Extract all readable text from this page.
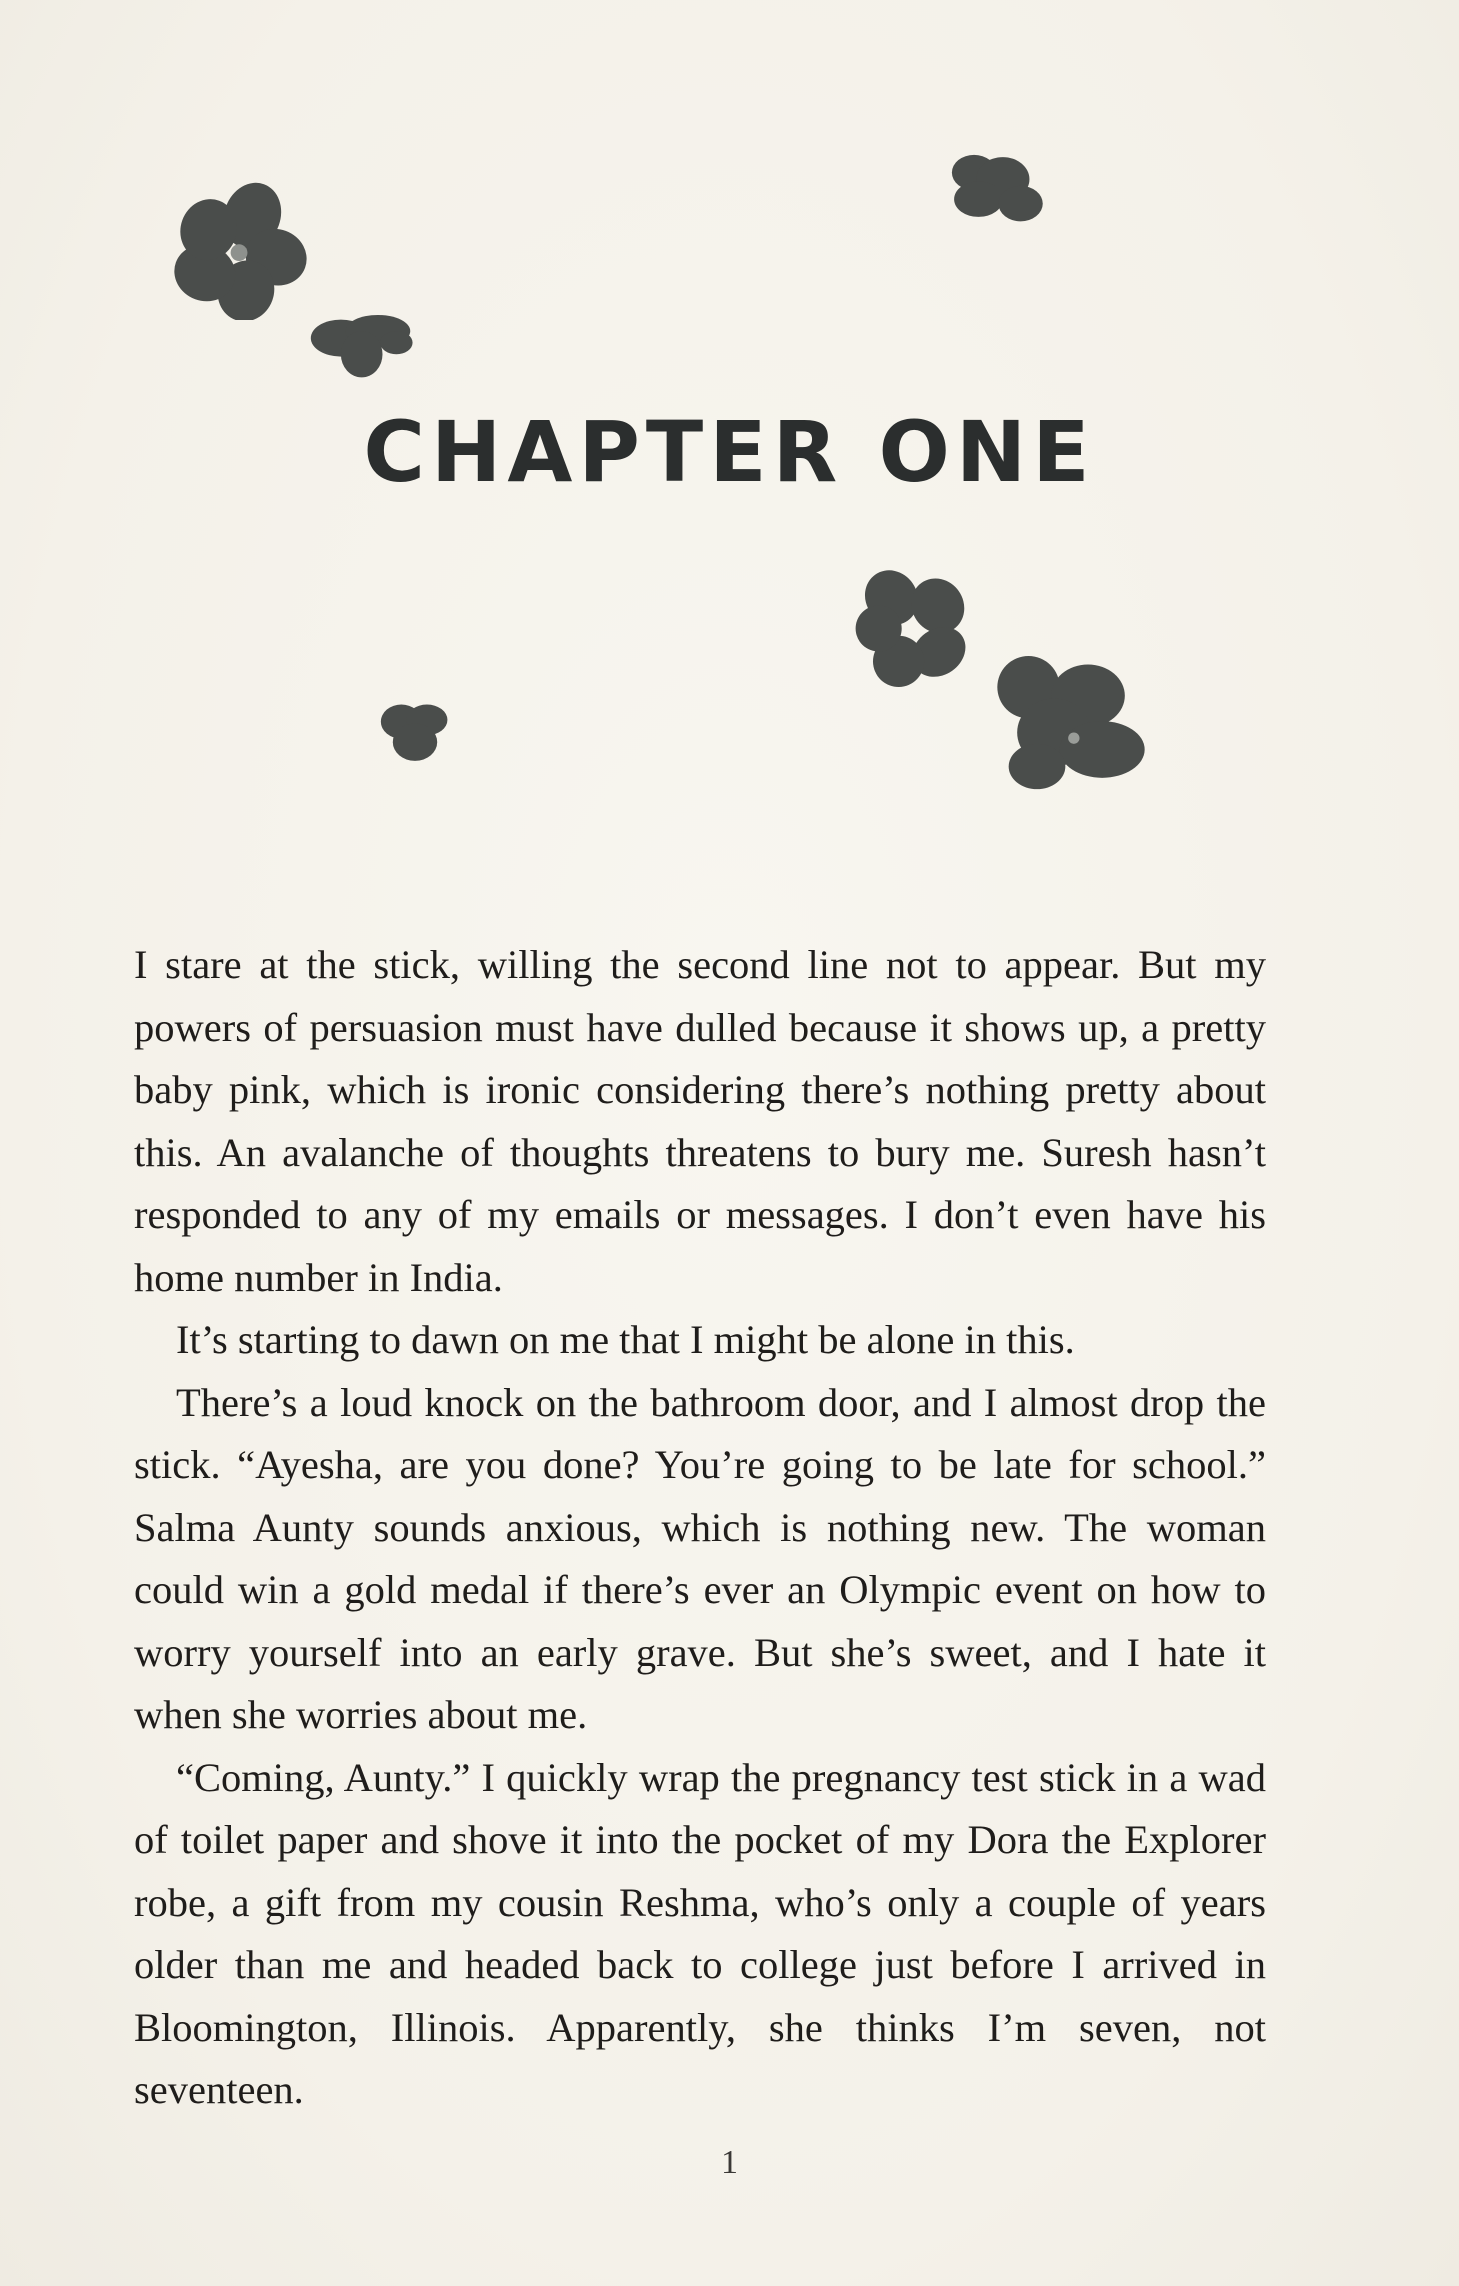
CHAPTER ONE

I stare at the stick, willing the second line not to appear. But my powers of persuasion must have dulled because it shows up, a pretty baby pink, which is ironic considering there’s nothing pretty about this. An avalanche of thoughts threatens to bury me. Suresh hasn’t responded to any of my emails or messages. I don’t even have his home number in India.

It’s starting to dawn on me that I might be alone in this.

There’s a loud knock on the bathroom door, and I almost drop the stick. “Ayesha, are you done? You’re going to be late for school.” Salma Aunty sounds anxious, which is nothing new. The woman could win a gold medal if there’s ever an Olympic event on how to worry yourself into an early grave. But she’s sweet, and I hate it when she worries about me.

“Coming, Aunty.” I quickly wrap the pregnancy test stick in a wad of toilet paper and shove it into the pocket of my Dora the Explorer robe, a gift from my cousin Reshma, who’s only a couple of years older than me and headed back to college just before I arrived in Bloomington, Illinois. Apparently, she thinks I’m seven, not seventeen.

1
